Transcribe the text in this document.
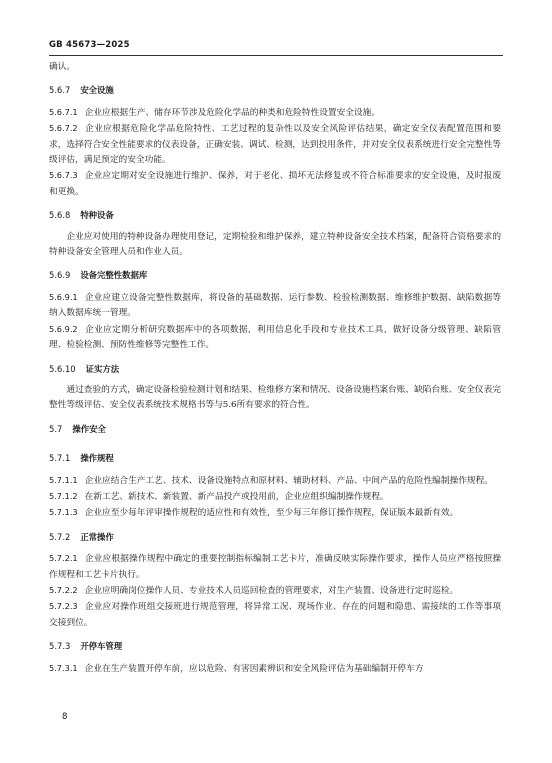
GB 45673—2025

确认。

5.6.7 安全设施

5.6.7.1 企业应根据生产、储存环节涉及危险化学品的种类和危险特性设置安全设施。

5.6.7.2 企业应根据危险化学品危险特性、工艺过程的复杂性以及安全风险评估结果，确定安全仪表配置范围和要求，选择符合安全性能要求的仪表设备，正确安装、调试、检测，达到投用条件，并对安全仪表系统进行安全完整性等级评估，满足预定的安全功能。

5.6.7.3 企业应定期对安全设施进行维护、保养，对于老化、损坏无法修复或不符合标准要求的安全设施，及时报废和更换。

5.6.8 特种设备

企业应对使用的特种设备办理使用登记，定期检验和维护保养，建立特种设备安全技术档案，配备符合资格要求的特种设备安全管理人员和作业人员。

5.6.9 设备完整性数据库

5.6.9.1 企业应建立设备完整性数据库，将设备的基础数据、运行参数、检验检测数据、维修维护数据、缺陷数据等纳入数据库统一管理。

5.6.9.2 企业应定期分析研究数据库中的各项数据，利用信息化手段和专业技术工具，做好设备分级管理、缺陷管理、检验检测、预防性维修等完整性工作。

5.6.10 证实方法

通过查验的方式，确定设备检验检测计划和结果、检维修方案和情况、设备设施档案台账、缺陷台账、安全仪表完整性等级评估、安全仪表系统技术规格书等与5.6所有要求的符合性。

5.7 操作安全

5.7.1 操作规程

5.7.1.1 企业应结合生产工艺、技术、设备设施特点和原材料、辅助材料、产品、中间产品的危险性编制操作规程。

5.7.1.2 在新工艺、新技术、新装置、新产品投产或投用前，企业应组织编制操作规程。

5.7.1.3 企业应至少每年评审操作规程的适应性和有效性，至少每三年修订操作规程，保证版本最新有效。

5.7.2 正常操作

5.7.2.1 企业应根据操作规程中确定的重要控制指标编制工艺卡片，准确反映实际操作要求，操作人员应严格按照操作规程和工艺卡片执行。

5.7.2.2 企业应明确岗位操作人员、专业技术人员巡回检查的管理要求，对生产装置、设备进行定时巡检。

5.7.2.3 企业应对操作班组交接班进行规范管理，将异常工况、现场作业、存在的问题和隐患、需接续的工作等事项交接到位。

5.7.3 开停车管理

5.7.3.1 企业在生产装置开停车前，应以危险、有害因素辨识和安全风险评估为基础编制开停车方

8
